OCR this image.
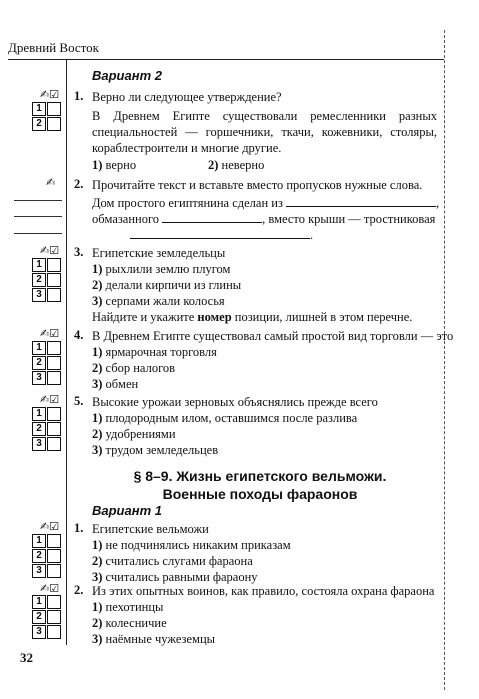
Древний Восток
Вариант 2
✍☑
1
2
1. Верно ли следующее утверждение?
В Древнем Египте существовали ремесленники разных специальностей — горшечники, ткачи, кожевники, столяры, кораблестроители и многие другие.
1) верно	2) неверно
✍ 2. Прочитайте текст и вставьте вместо пропусков нужные слова.
Дом простого египтянина сделан из	,
обмазанного	, вместо крыши — тростниковая
.
✍☑
1
2
3
3. Египетские земледельцы
1) рыхлили землю плугом
2) делали кирпичи из глины
3) серпами жали колосья
Найдите и укажите номер позиции, лишней в этом перечне.
✍☑
1
2
3
4. В Древнем Египте существовал самый простой вид торговли — это
1) ярмарочная торговля
2) сбор налогов
3) обмен
✍☑
1
2
3
5. Высокие урожаи зерновых объяснялись прежде всего
1) плодородным илом, оставшимся после разлива
2) удобрениями
3) трудом земледельцев
§ 8–9. Жизнь египетского вельможи.
Военные походы фараонов
Вариант 1
✍☑
1
2
3
1. Египетские вельможи
1) не подчинялись никаким приказам
2) считались слугами фараона
3) считались равными фараону
1
2
3
✍☑ 2. Из этих опытных воинов, как правило, состояла охрана фараона
1) пехотинцы
2) колесничие
3) наёмные чужеземцы
32
